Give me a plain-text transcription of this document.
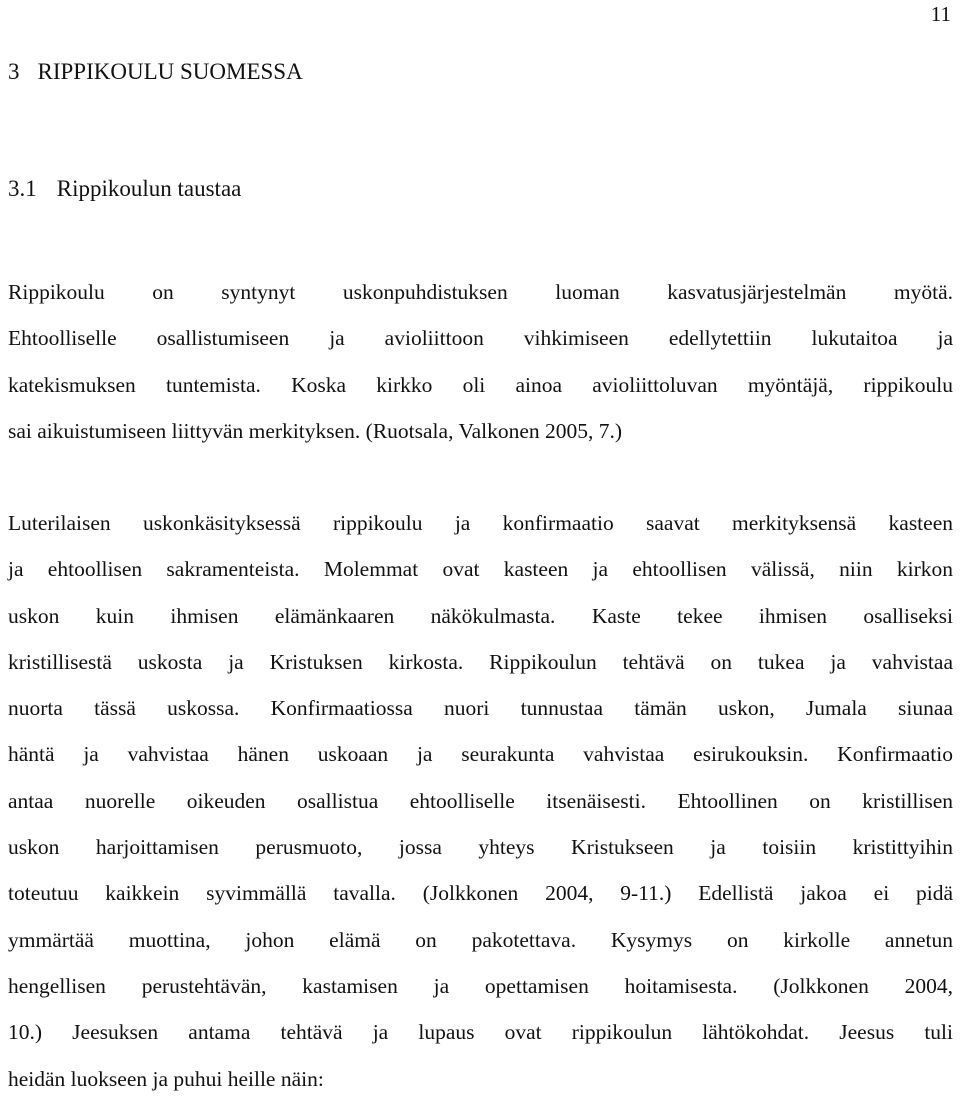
11
3 RIPPIKOULU SUOMESSA
3.1 Rippikoulun taustaa

Rippikoulu on syntynyt uskonpuhdistuksen luoman kasvatusjärjestelmän myötä.
Ehtoolliselle osallistumiseen ja avioliittoon vihkimiseen edellytettiin lukutaitoa ja
katekismuksen tuntemista. Koska kirkko oli ainoa avioliittoluvan myöntäjä, rippikoulu
sai aikuistumiseen liittyvän merkityksen. (Ruotsala, Valkonen 2005, 7.)

Luterilaisen uskonkäsityksessä rippikoulu ja konfirmaatio saavat merkityksensä kasteen
ja ehtoollisen sakramenteista. Molemmat ovat kasteen ja ehtoollisen välissä, niin kirkon
uskon kuin ihmisen elämänkaaren näkökulmasta. Kaste tekee ihmisen osalliseksi
kristillisestä uskosta ja Kristuksen kirkosta. Rippikoulun tehtävä on tukea ja vahvistaa
nuorta tässä uskossa. Konfirmaatiossa nuori tunnustaa tämän uskon, Jumala siunaa
häntä ja vahvistaa hänen uskoaan ja seurakunta vahvistaa esirukouksin. Konfirmaatio
antaa nuorelle oikeuden osallistua ehtoolliselle itsenäisesti. Ehtoollinen on kristillisen
uskon harjoittamisen perusmuoto, jossa yhteys Kristukseen ja toisiin kristittyihin
toteutuu kaikkein syvimmällä tavalla. (Jolkkonen 2004, 9-11.) Edellistä jakoa ei pidä
ymmärtää muottina, johon elämä on pakotettava. Kysymys on kirkolle annetun
hengellisen perustehtävän, kastamisen ja opettamisen hoitamisesta. (Jolkkonen 2004,
10.) Jeesuksen antama tehtävä ja lupaus ovat rippikoulun lähtökohdat. Jeesus tuli
heidän luokseen ja puhui heille näin:
